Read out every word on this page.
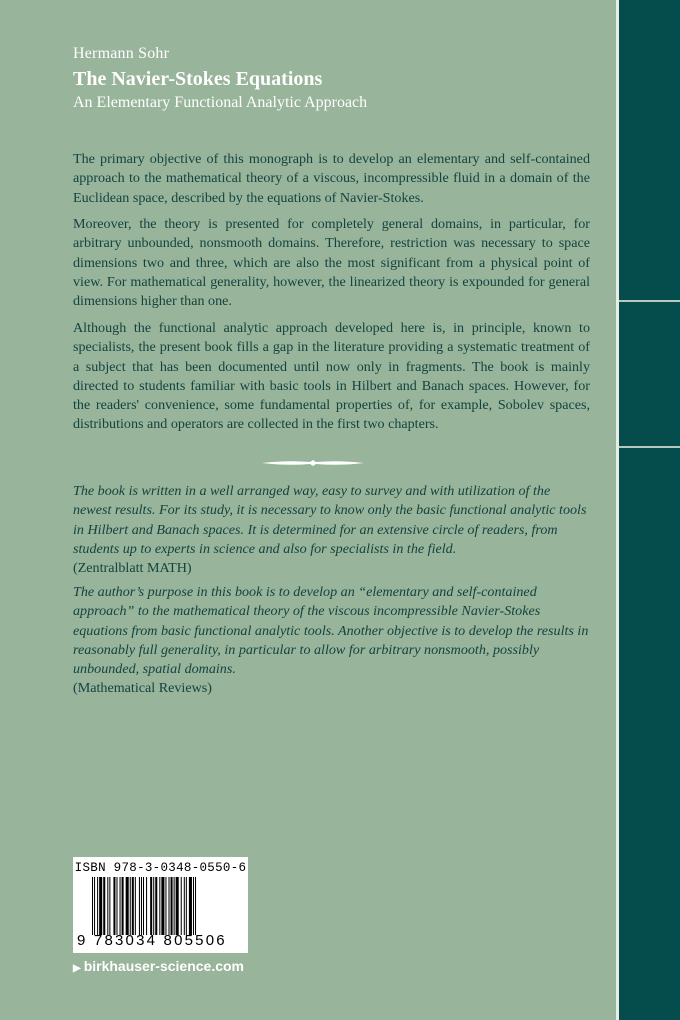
Hermann Sohr
The Navier-Stokes Equations
An Elementary Functional Analytic Approach
The primary objective of this monograph is to develop an elementary and self-contained approach to the mathematical theory of a viscous, incompressible fluid in a domain of the Euclidean space, described by the equations of Navier-Stokes.
Moreover, the theory is presented for completely general domains, in particular, for arbitrary unbounded, nonsmooth domains. Therefore, restriction was necessary to space dimensions two and three, which are also the most significant from a physical point of view. For mathematical generality, however, the linearized theory is expounded for general dimensions higher than one.
Although the functional analytic approach developed here is, in principle, known to specialists, the present book fills a gap in the literature providing a systematic treatment of a subject that has been documented until now only in fragments. The book is mainly directed to students familiar with basic tools in Hilbert and Banach spaces. However, for the readers' convenience, some fundamental properties of, for example, Sobolev spaces, distributions and operators are collected in the first two chapters.
The book is written in a well arranged way, easy to survey and with utilization of the newest results. For its study, it is necessary to know only the basic functional analytic tools in Hilbert and Banach spaces. It is determined for an extensive circle of readers, from students up to experts in science and also for specialists in the field.
(Zentralblatt MATH)
The author’s purpose in this book is to develop an “elementary and self-contained approach” to the mathematical theory of the viscous incompressible Navier-Stokes equations from basic functional analytic tools. Another objective is to develop the results in reasonably full generality, in particular to allow for arbitrary nonsmooth, possibly unbounded, spatial domains.
(Mathematical Reviews)
ISBN 978-3-0348-0550-6
9 783034 805506
▶ birkhauser-science.com
